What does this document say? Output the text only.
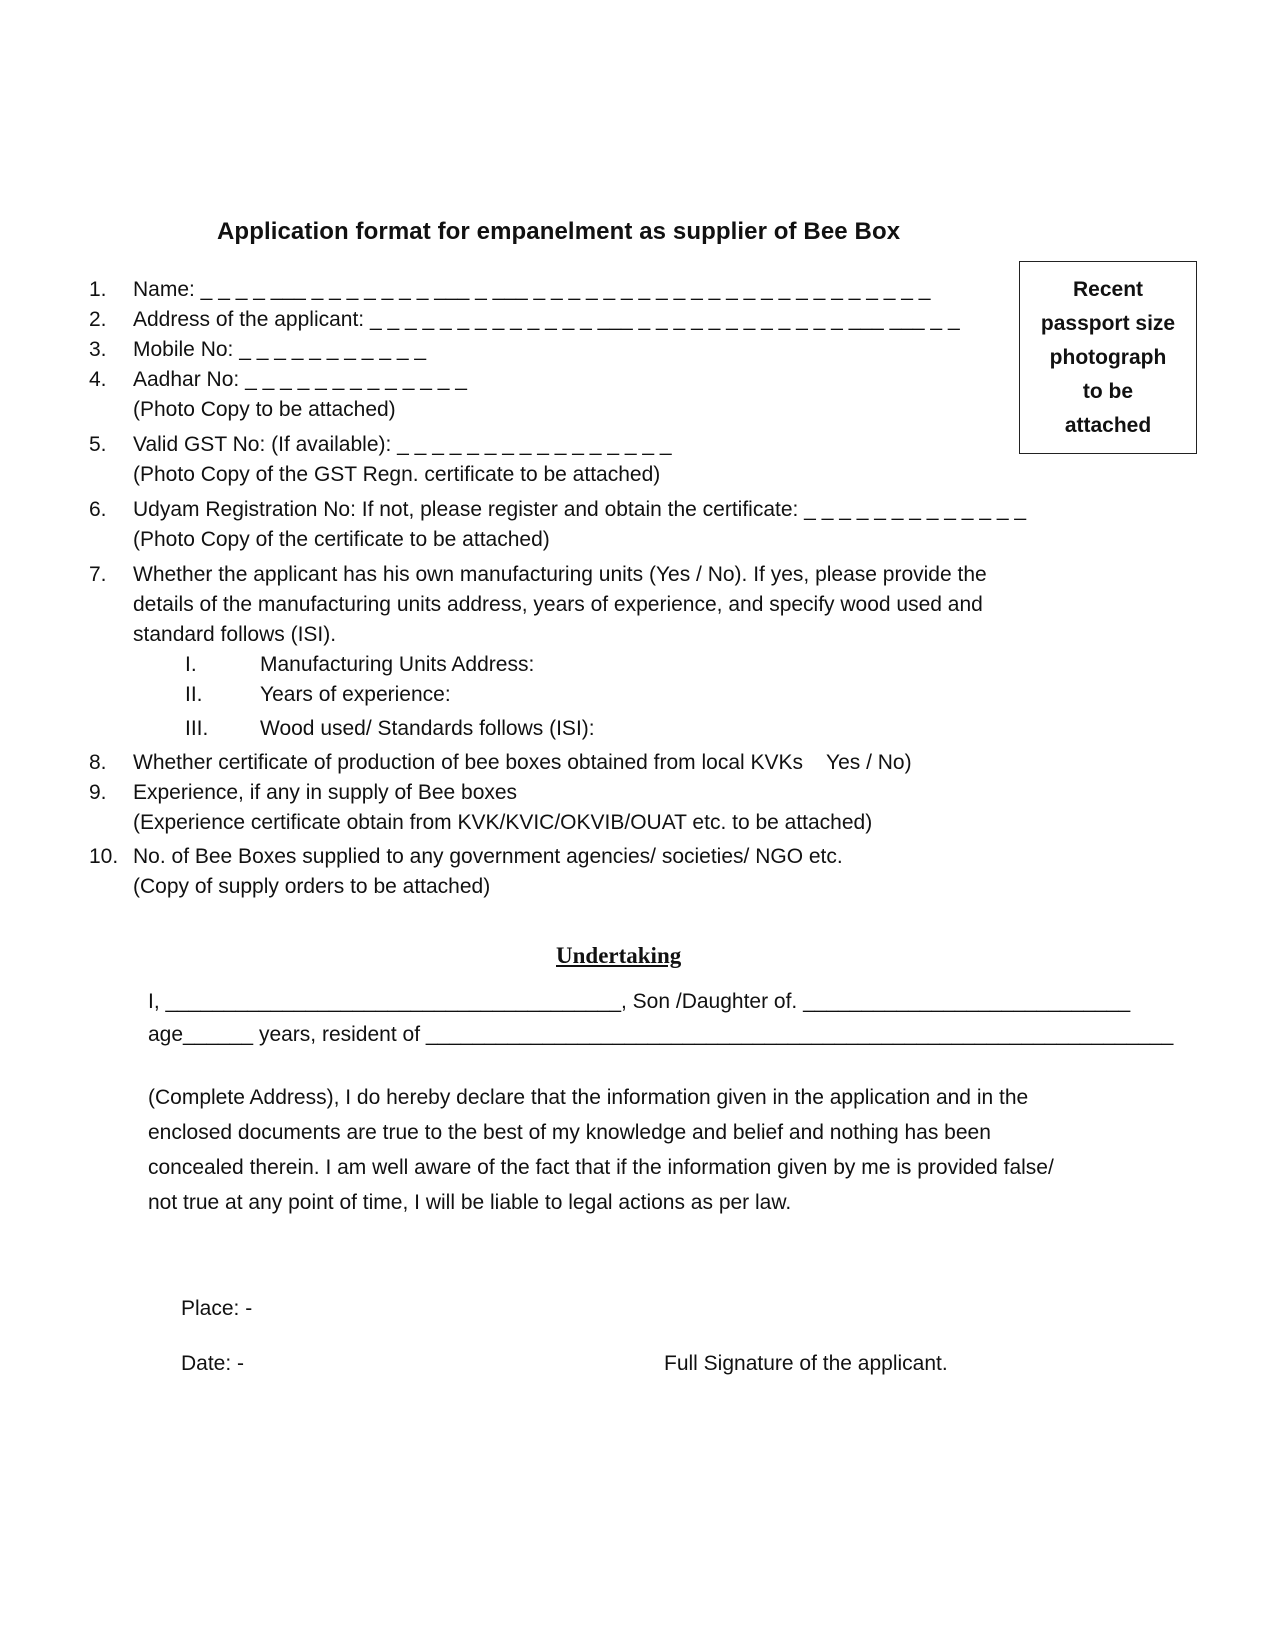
Application format for empanelment as supplier of Bee Box
Recent
passport size
photograph
to be
attached
1. Name: _ _ _ _ ___ _ _ _ _ _ _ _ ___ _ ___ _ _ _ _ _ _ _ _ _ _ _ _ _ _ _ _ _ _ _ _ _ _ _
2. Address of the applicant: _ _ _ _ _ _ _ _ _ _ _ _ _ ___ _ _ _ _ _ _ _ _ _ _ _ _ ___ ___ _ _
3. Mobile No: _ _ _ _ _ _ _ _ _ _ _
4. Aadhar No: _ _ _ _ _ _ _ _ _ _ _ _ _
(Photo Copy to be attached)
5. Valid GST No: (If available): _ _ _ _ _ _ _ _ _ _ _ _ _ _ _ _
(Photo Copy of the GST Regn. certificate to be attached)
6. Udyam Registration No: If not, please register and obtain the certificate: _ _ _ _ _ _ _ _ _ _ _ _ _
(Photo Copy of the certificate to be attached)
7. Whether the applicant has his own manufacturing units (Yes / No). If yes, please provide the
details of the manufacturing units address, years of experience, and specify wood used and
standard follows (ISI).
I.	Manufacturing Units Address:
II.	Years of experience:
III. Wood used/ Standards follows (ISI):
8. Whether certificate of production of bee boxes obtained from local KVKs    Yes / No)
9. Experience, if any in supply of Bee boxes
(Experience certificate obtain from KVK/KVIC/OKVIB/OUAT etc. to be attached)
10. No. of Bee Boxes supplied to any government agencies/ societies/ NGO etc.
(Copy of supply orders to be attached)
Undertaking
I, _______________________________________, Son /Daughter of. ____________________________
age______ years, resident of ________________________________________________________________
(Complete Address), I do hereby declare that the information given in the application and in the
enclosed documents are true to the best of my knowledge and belief and nothing has been
concealed therein. I am well aware of the fact that if the information given by me is provided false/
not true at any point of time, I will be liable to legal actions as per law.
Place: -
Date: -	Full Signature of the applicant.
